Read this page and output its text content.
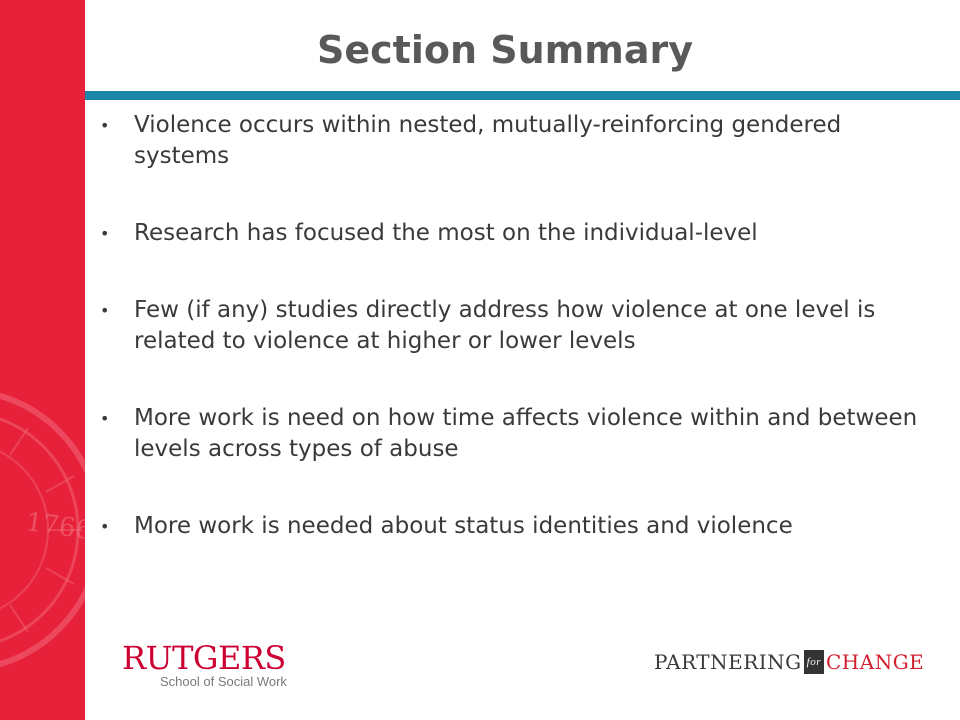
1766
Section Summary
• Violence occurs within nested, mutually-reinforcing gendered systems
• Research has focused the most on the individual-level
• Few (if any) studies directly address how violence at one level is related to violence at higher or lower levels
• More work is need on how time affects violence within and between levels across types of abuse
• More work is needed about status identities and violence
RUTGERS
School of Social Work
PARTNERING for CHANGE
